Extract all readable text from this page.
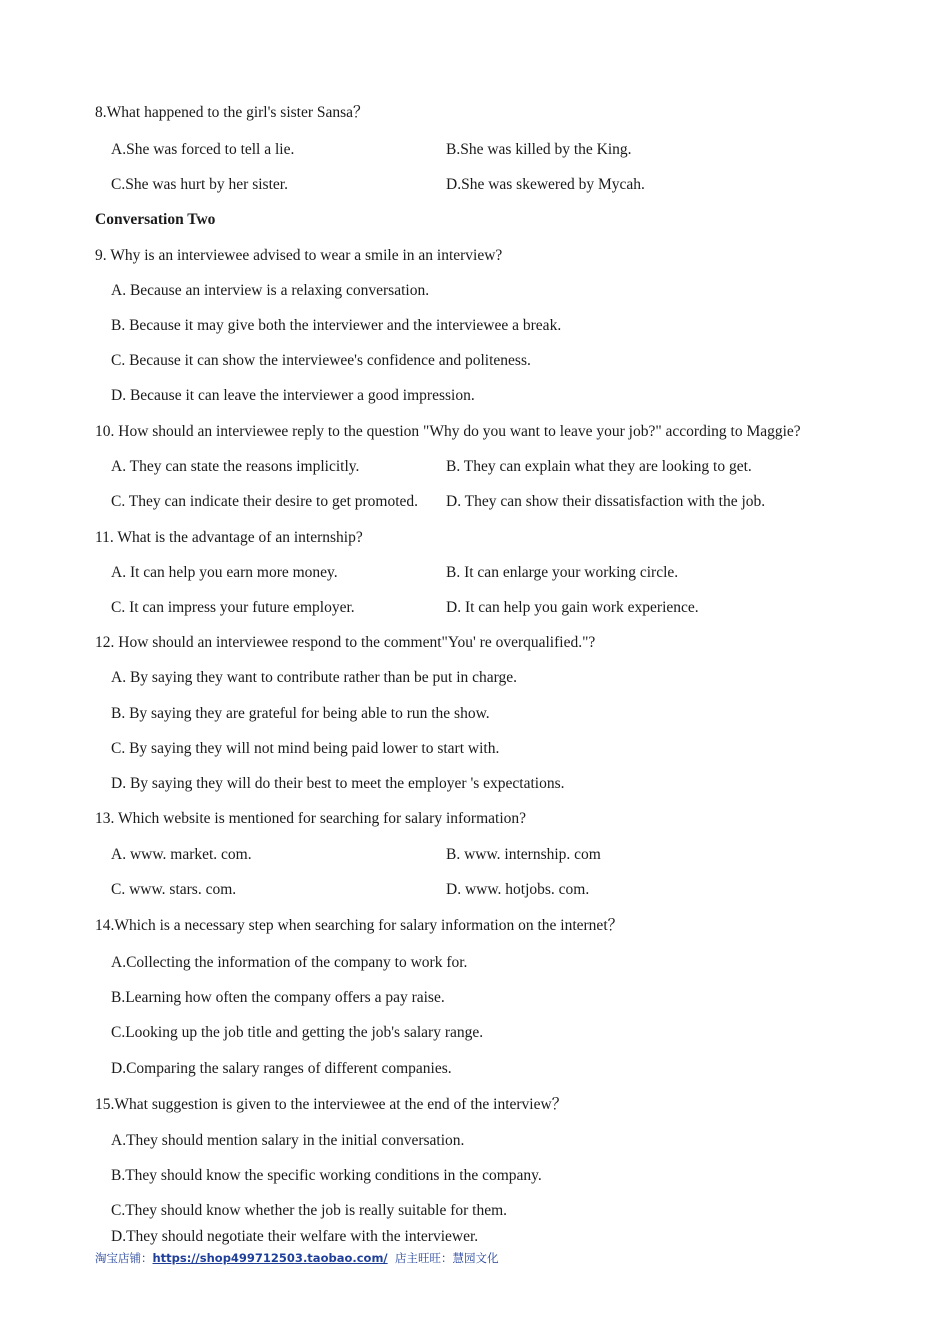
8.What happened to the girl's sister Sansa？
A.She was forced to tell a lie.	B.She was killed by the King.
C.She was hurt by her sister.	D.She was skewered by Mycah.
Conversation Two
9. Why is an interviewee advised to wear a smile in an interview?
A. Because an interview is a relaxing conversation.
B. Because it may give both the interviewer and the interviewee a break.
C. Because it can show the interviewee's confidence and politeness.
D. Because it can leave the interviewer a good impression.
10. How should an interviewee reply to the question "Why do you want to leave your job?" according to Maggie?
A. They can state the reasons implicitly.	B. They can explain what they are looking to get.
C. They can indicate their desire to get promoted. D. They can show their dissatisfaction with the job.
11. What is the advantage of an internship?
A. It can help you earn more money.	B. It can enlarge your working circle.
C. It can impress your future employer.	D. It can help you gain work experience.
12. How should an interviewee respond to the comment"You' re overqualified."?
A. By saying they want to contribute rather than be put in charge.
B. By saying they are grateful for being able to run the show.
C. By saying they will not mind being paid lower to start with.
D. By saying they will do their best to meet the employer 's expectations.
13. Which website is mentioned for searching for salary information?
A. www. market. com.	B. www. internship. com
C. www. stars. com.	D. www. hotjobs. com.
14.Which is a necessary step when searching for salary information on the internet？
A.Collecting the information of the company to work for.
B.Learning how often the company offers a pay raise.
C.Looking up the job title and getting the job's salary range.
D.Comparing the salary ranges of different companies.
15.What suggestion is given to the interviewee at the end of the interview？
A.They should mention salary in the initial conversation.
B.They should know the specific working conditions in the company.
C.They should know whether the job is really suitable for them.
D.They should negotiate their welfare with the interviewer.
淘宝店铺：https://shop499712503.taobao.com/ 店主旺旺：慧园文化
